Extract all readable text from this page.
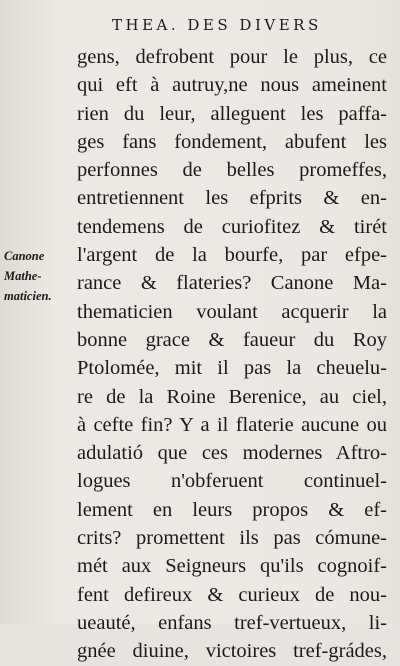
THEA. DES DIVERS
Canone
Mathe-
maticien.
gens, defrobent pour le plus, ce
qui eft à autruy,ne nous ameinent
rien du leur, alleguent les paffa-
ges fans fondement, abufent les
perfonnes de belles promeffes,
entretiennent les efprits & en-
tendemens de curiofitez & tirét
l'argent de la bourfe, par efpe-
rance & flateries? Canone Ma-
thematicien voulant acquerir la
bonne grace & faueur du Roy
Ptolomée, mit il pas la cheuelu-
re de la Roine Berenice, au ciel,
à cefte fin? Y a il flaterie aucune ou
adulatió que ces modernes Aftro-
logues n'obferuent continuel-
lement en leurs propos & ef-
crits? promettent ils pas cómune-
mét aux Seigneurs qu'ils cognoif-
fent defireux & curieux de nou-
ueauté, enfans tref-vertueux, li-
gnée diuine, victoires tref-grádes,
